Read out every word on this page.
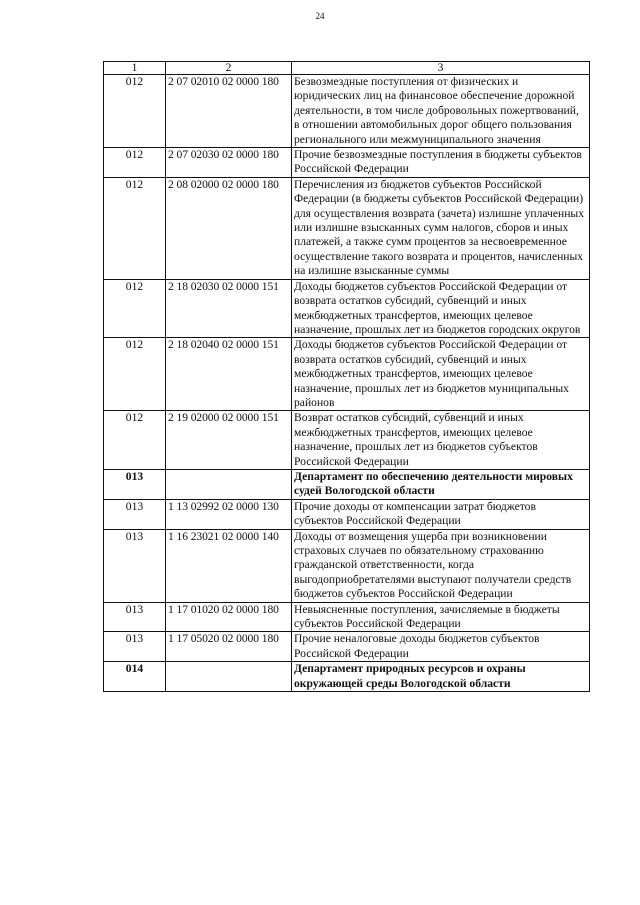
24
1	2	3
012	2 07 02010 02 0000 180	Безвозмездные поступления от физических и юридических лиц на финансовое обеспечение дорожной деятельности, в том числе добровольных пожертвований, в отношении автомобильных дорог общего пользования регионального или межмуниципального значения
012	2 07 02030 02 0000 180	Прочие безвозмездные поступления в бюджеты субъектов Российской Федерации
012	2 08 02000 02 0000 180	Перечисления из бюджетов субъектов Российской Федерации (в бюджеты субъектов Российской Федерации) для осуществления возврата (зачета) излишне уплаченных или излишне взысканных сумм налогов, сборов и иных платежей, а также сумм процентов за несвоевременное осуществление такого возврата и процентов, начисленных на излишне взысканные суммы
012	2 18 02030 02 0000 151	Доходы бюджетов субъектов Российской Федерации от возврата остатков субсидий, субвенций и иных межбюджетных трансфертов, имеющих целевое назначение, прошлых лет из бюджетов городских округов
012	2 18 02040 02 0000 151	Доходы бюджетов субъектов Российской Федерации от возврата остатков субсидий, субвенций и иных межбюджетных трансфертов, имеющих целевое назначение, прошлых лет из бюджетов муниципальных районов
012	2 19 02000 02 0000 151	Возврат остатков субсидий, субвенций и иных межбюджетных трансфертов, имеющих целевое назначение, прошлых лет из бюджетов субъектов Российской Федерации
013		Департамент по обеспечению деятельности мировых судей Вологодской области
013	1 13 02992 02 0000 130	Прочие доходы от компенсации затрат бюджетов субъектов Российской Федерации
013	1 16 23021 02 0000 140	Доходы от возмещения ущерба при возникновении страховых случаев по обязательному страхованию гражданской ответственности, когда выгодоприобретателями выступают получатели средств бюджетов субъектов Российской Федерации
013	1 17 01020 02 0000 180	Невыясненные поступления, зачисляемые в бюджеты субъектов Российской Федерации
013	1 17 05020 02 0000 180	Прочие неналоговые доходы бюджетов субъектов Российской Федерации
014		Департамент природных ресурсов и охраны окружающей среды Вологодской области
